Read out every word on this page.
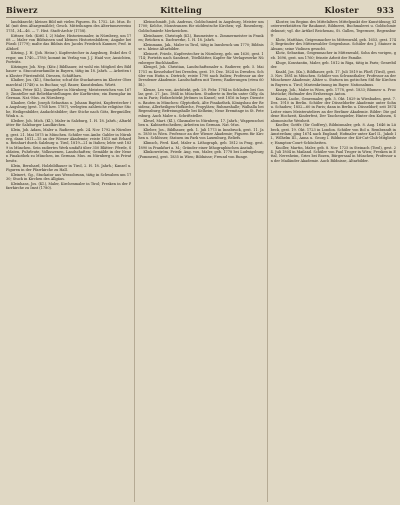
Biwerz	Kitteling	Kloster 933

landsknecht; kleines Bild mit vielen Figuren. Es. 1752. Lit. Mus. Eckf. (mit dem Altargemälde); Gesch. Mitteilungen des Altertumsvereins 1751, 34—46. — 7. Hist. Stadt-Archiv (1758).

Kittner, Seb. (Kittl. I, 2) Maler, Historienmaler, in Nürnberg, um 1768 — Maler von Bildnissen und kleinen Historienbildern; Angabe bei Füssli (1779); malte das Bildnis des Jacobs Friedrich Kanmer, Prof. in Altdorf.

Kitzing, J. H. (Joh. Heinr.). Kupferstecher in Augsburg, Enkel des Gregor, um 1740—1780; kommt im Verlag von J. J. Haid vor; Ansichten, Porträts.

Kitzinger, Joh. Nep. (Kitz.) Bildhauer, ist wohl ein Mitglied des Bildhauer- u. Stuccateurfamilie in Bayern, tätig im 18. Jahrh. — Arbeiten in Kloster Fürstenfeld, Diessen, Schäftlarn.

Klaiber, Jos. (Kl.), Stuckator, schuf die Stuckaturen im Kloster Obermarchtal (1748) u. in Buchau; vgl. Bauer, Kunstdenkm. Württ.

Klaus, Peter (Kl.), Zinngießer in Nürnberg; Meisterzeichen von 1675; Zinnteller mit Reliefdarstellungen der Kurfürsten; ein Exemplar im German. Nat.-Mus. zu Nürnberg.

Klauber, Gebr. Joseph Sebastian u. Johann Baptist, Kupferstecher in Augsburg (gest. 1768 bzw. 1787), verlegten zahlreiche religiöse Stiche, Heiligenbilder, Andachtsbilder; ihre Stiche nach Götz, Bergmüller, Wink u. a.

Kleiber, Joh. Mich. (Kl.), Maler in Salzburg, 1. H. 18. Jahrh.; Altarblätter für Salzburger Landkirchen.

Klein, Joh. Adam, Maler u. Radierer, geb. 24. Nov. 1792 in Nürnberg, gest. 21. Mai 1875 in München. Schüler von Ambr. Gabler in Nürnberg, dann 1811—15 an der Wiener Akademie; reiste 1815 mit Erhard u. Reinhart durch Salzburg u. Tirol, 1819—21 in Italien; lebte seit 1839 in München. Sein radiertes Werk umfaßt über 350 Blätter: Pferde, Soldaten, Fuhrleute, Volksszenen, Landschaften; Gemälde in der Neuen Pinakothek zu München, im German. Mus. zu Nürnberg u. in Privatbesitz.

Klein, Bernhard, Holzbildhauer in Tirol, 2. H. 18. Jahrh.; Kanzel u. Figuren in der Pfarrkirche zu Hall.

Kleinert, Gg., Stuckator aus Wessobrunn, tätig in Schwaben um 1730; Stuck in Kirchen des Allgäus.

Kleinhans, Jos. (Kl.), Maler, Kirchenmaler in Tirol; Fresken in der Pfarrkirche zu Imst (1780).

Kleinschmidt, Joh. Andreas, Goldschmied in Augsburg, Meister um 1700; Kelche, Monstranzen für süddeutsche Kirchen; vgl. Rosenberg, Goldschmiede Merkzeichen.

Kleinhauer, Christoph (Kl.), Baumeister u. Zimmermeister in Franken; Brücken u. Dachwerke, 1. H. 18. Jahrh.

Kleinmann, Jak., Maler in Tirol, tätig in Innsbruck um 1770; Bildnisse u. kleine Altarbilder.

Kleinert, Friedr., Kupferstecher in Nürnberg, geb. um 1630, gest. 1714; Porträts nach Sandrart, Titelblätter, Kupfer für Verlagswerke Nürnberger Buchhändler.

Klengel, Joh. Christian, Landschaftsmaler u. Radierer, geb. 5. Mai 1751 zu Kesselsdorf bei Dresden, gest. 19. Dez. 1824 in Dresden. Schüler von Hutin u. Dietrich; reiste 1790 nach Italien; Professor an der Dresdener Akademie. Landschaften mit Tieren; Radierungen (etwa 60 Bl.).

Klenze, Leo von, Architekt, geb. 29. Febr. 1784 in Schladen bei Goslar, gest. 27. Jan. 1864 in München. Studierte in Berlin unter Gilly, dann in Paris; Hofarchitekt Jérômes in Kassel; seit 1816 in bayr. Diensten. Bauten in München: Glyptothek, Alte Pinakothek, Königsbau der Residenz, Allerheiligen-Hofkirche, Propyläen; Ruhmeshalle; Walhalla bei Regensburg; Befreiungshalle bei Kelheim; Neue Eremitage in St. Petersburg. Auch Maler u. Schriftsteller.

Klesel, Mart. (Kl.), Glasmaler in Nürnberg, 17. Jahrh.; Wappenscheiben u. Kabinettscheiben; Arbeiten im German. Nat.-Mus.

Klieber, Jos., Bildhauer, geb. 1. Juli 1773 in Innsbruck, gest. 11. Jan. 1850 in Wien. Professor an der Wiener Akademie; Figuren für Kirchen u. Schlösser, Statuen im Park von Laxenburg, Reliefs.

Klimsch, Ferd. Karl, Maler u. Lithograph, geb. 1812 in Prag, gest. 1890 in Frankfurt a. M.; Gründer einer lithographischen Anstalt.

Klinkowström, Friedr. Aug. von, Maler, geb. 1778 bei Ludwigsburg (Pommern), gest. 1835 in Wien; Bildnisse; Freund von Runge.

Kloster, im Beginn des Mittelalters Mittelpunkt der Kunstübung; Klosterwerkstätten für Baukunst, Bildnerei, Buchmalerei u. Goldschmiedekunst; vgl. die Artikel Reichenau, St. Gallen, Tegernsee, Regensburg.

Klotz, Matthias, Geigenmacher in Mittenwald, geb. 1653, gest. 1743; Begründer des Mittenwalder Geigenbaus. Schüler des J. Stainer in Absam; seine Violinen gesucht.

Klotz, Sebastian, Geigenmacher in Mittenwald, Sohn des vorigen, geb. 1696, gest. um 1760; feinste Arbeit der Familie.

Kluge, Konstantin, Maler, geb. 1812 in Riga, tätig in Paris; Genrebilder.

Knabl, Jos. (Kn.), Bildhauer, geb. 17. Juli 1819 in Fließ (Tirol), gest. 3. Nov. 1881 in München. Schüler von Schwanthaler; Professor an der Münchener Akademie; Altäre u. Statuen im gotischen Stil für Kirchen in Bayern u. Tirol; Marienkrönung im Bayer. Nationalmus.

Knapp, Joh., Maler in Wien, geb. 1778, gest. 1833; Blumen- u. Fruchtstücke; Hofmaler des Erzherzogs Anton.

Knaus, Ludw., Genremaler, geb. 5. Okt. 1829 in Wiesbaden, gest. 7. Dez. 1910 in Berlin. Schüler der Düsseldorfer Akademie unter Sohn u. Schadow; 1852—60 in Paris; dann in Berlin u. Düsseldorf; seit 1874 Leiter eines Meisterateliers an der Berliner Akademie. Bilder: Die goldene Hochzeit, Kinderfest, Der Taschenspieler, Hinter den Kulissen, Salomonische Weisheit.

Kneller, Gottfr. (Sir Godfrey), Bildnismaler, geb. 8. Aug. 1646 in Lübeck, gest. 19. Okt. 1723 in London. Schüler von Bol u. Rembrandt in Amsterdam; ging 1674 nach England; Hofmaler unter Karl II., Jakob II., Wilhelm III., Anna u. Georg I. Bildnisse der Kit-Cat-Club-Mitglieder; Hampton-Court-Schönheiten.

Knoller, Martin, Maler, geb. 8. Nov. 1725 in Steinach (Tirol), gest. 24. Juli 1804 in Mailand. Schüler von Paul Troger in Wien; Fresken in Ettal, Neresheim, Gries bei Bozen, Bürgersaal in München; Professor an der Mailänder Akademie. Auch Bildnisse, Altarbilder.
